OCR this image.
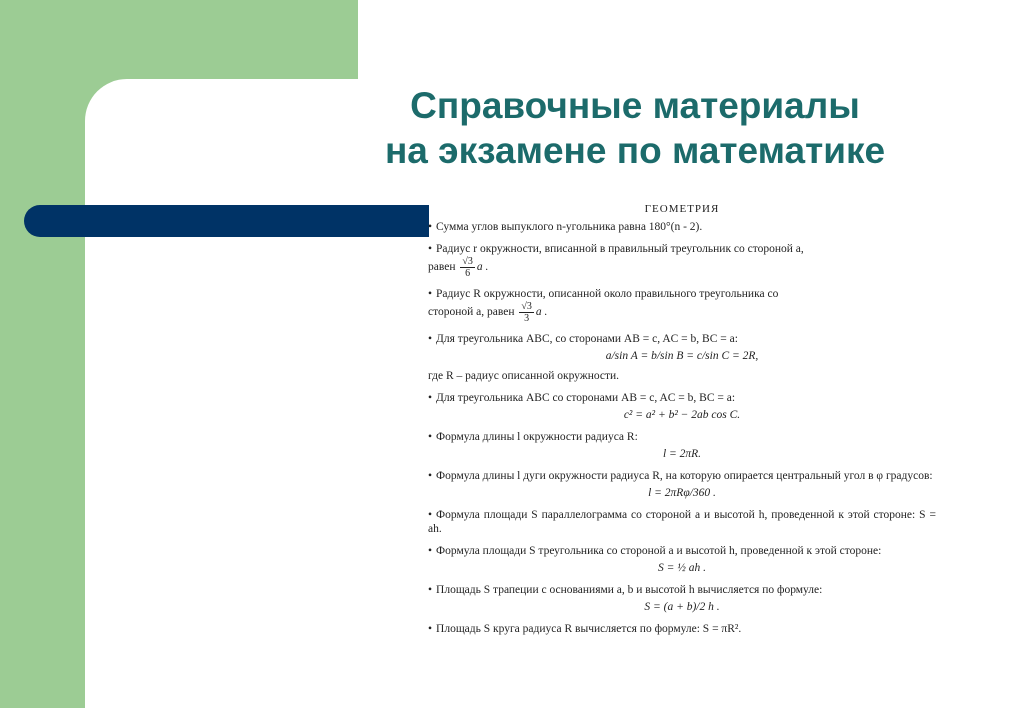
Справочные материалы
на экзамене по математике
ГЕОМЕТРИЯ
• Сумма углов выпуклого n-угольника равна 180°(n - 2).
• Радиус r окружности, вписанной в правильный треугольник со стороной a,
равен $\frac{√3}{6}$ a .
• Радиус R окружности, описанной около правильного треугольника со
стороной a, равен $\frac{√3}{3}$ a .
• Для треугольника ABC, со сторонами AB = c, AC = b, BC = a:
a/sin A = b/sin B = c/sin C = 2R,
где R – радиус описанной окружности.
• Для треугольника ABC со сторонами AB = c, AC = b, BC = a:
c² = a² + b² − 2ab cos C.
• Формула длины l окружности радиуса R:
l = 2πR.
• Формула длины l дуги окружности радиуса R, на которую опирается центральный угол в φ градусов:
l = 2πRφ/360 .
• Формула площади S параллелограмма со стороной a и высотой h, проведенной к этой стороне: S = ah.
• Формула площади S треугольника со стороной a и высотой h, проведенной к этой стороне:
S = ½ ah .
• Площадь S трапеции с основаниями a, b и высотой h вычисляется по формуле:
S = (a + b)/2 h .
• Площадь S круга радиуса R вычисляется по формуле: S = πR².
